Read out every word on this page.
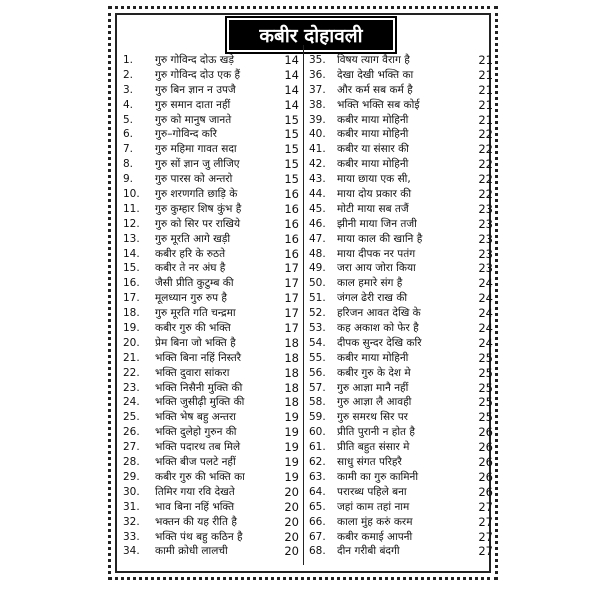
कबीर दोहावली
1. गुरु गोविन्द दोऊ खड़े	14
2. गुरु गोविन्द दोउ एक हैं	14
3. गुरु बिन ज्ञान न उपजै	14
4. गुरु समान दाता नहीं	14
5. गुरु को मानुष जानते	15
6. गुरु–गोविन्द करि	15
7. गुरु महिमा गावत सदा	15
8. गुरु सों ज्ञान जु लीजिए	15
9. गुरु पारस को अन्तरो	15
10. गुरु शरणगति छाड़ि के	16
11. गुरु कुम्हार शिष कुंभ है	16
12. गुरु को सिर पर राखिये	16
13. गुरु मूरति आगे खड़ी	16
14. कबीर हरि के रुठते	16
15. कबीर ते नर अंघ है	17
16. जैसी प्रीति कुटुम्ब की	17
17. मूलध्यान गुरु रुप है	17
18. गुरु मूरति गति चन्द्रमा	17
19. कबीर गुरु की भक्ति	17
20. प्रेम बिना जो भक्ति है	18
21. भक्ति बिना नहिं निस्तरै	18
22. भक्ति दुवारा सांकरा	18
23. भक्ति निसैनी मुक्ति की	18
24. भक्ति जुसीढ़ी मुक्ति की	18
25. भक्ति भेष बहु अन्तरा	19
26. भक्ति दुलेहो गुरुन की	19
27. भक्ति पदारथ तब मिले	19
28. भक्ति बीज पलटे नहीं	19
29. कबीर गुरु की भक्ति का	19
30. तिमिर गया रवि देखते	20
31. भाव बिना नहिं भक्ति	20
32. भक्तन की यह रीति है	20
33. भक्ति पंथ बहु कठिन है	20
34. कामी क्रोधी लालची	20
35. विषय त्याग वैराग है	21
36. देखा देखी भक्ति का	21
37. और कर्म सब कर्म है	21
38. भक्ति भक्ति सब कोई	21
39. कबीर माया मोहिनी	21
40. कबीर माया मोहिनी	22
41. कबीर या संसार की	22
42. कबीर माया मोहिनी	22
43. माया छाया एक सी,	22
44. माया दोय प्रकार की	22
45. मोटी माया सब तजैं	23
46. झीनी माया जिन तजी	23
47. माया काल की खानि है	23
48. माया दीपक नर पतंग	23
49. जरा आय जोरा किया	23
50. काल हमारे संग है	24
51. जंगल ढेरी राख की	24
52. हरिजन आवत देखि के	24
53. कह अकाश को फेर है	24
54. दीपक सुन्दर देखि करि	24
55. कबीर माया मोहिनी	25
56. कबीर गुरु के देश मे	25
57. गुरु आज्ञा मानै नहीं	25
58. गुरु आज्ञा लै आवही	25
59. गुरु समरथ सिर पर	25
60. प्रीति पुरानी न होत है	26
61. प्रीति बहुत संसार मे	26
62. साधु संगत परिहरै	26
63. कामी का गुरु कामिनी	26
64. परारब्ध पहिले बना	26
65. जहां काम तहां नाम	27
66. काला मुंह करुं करम	27
67. कबीर कमाई आपनी	27
68. दीन गरीबी बंदगी	27
